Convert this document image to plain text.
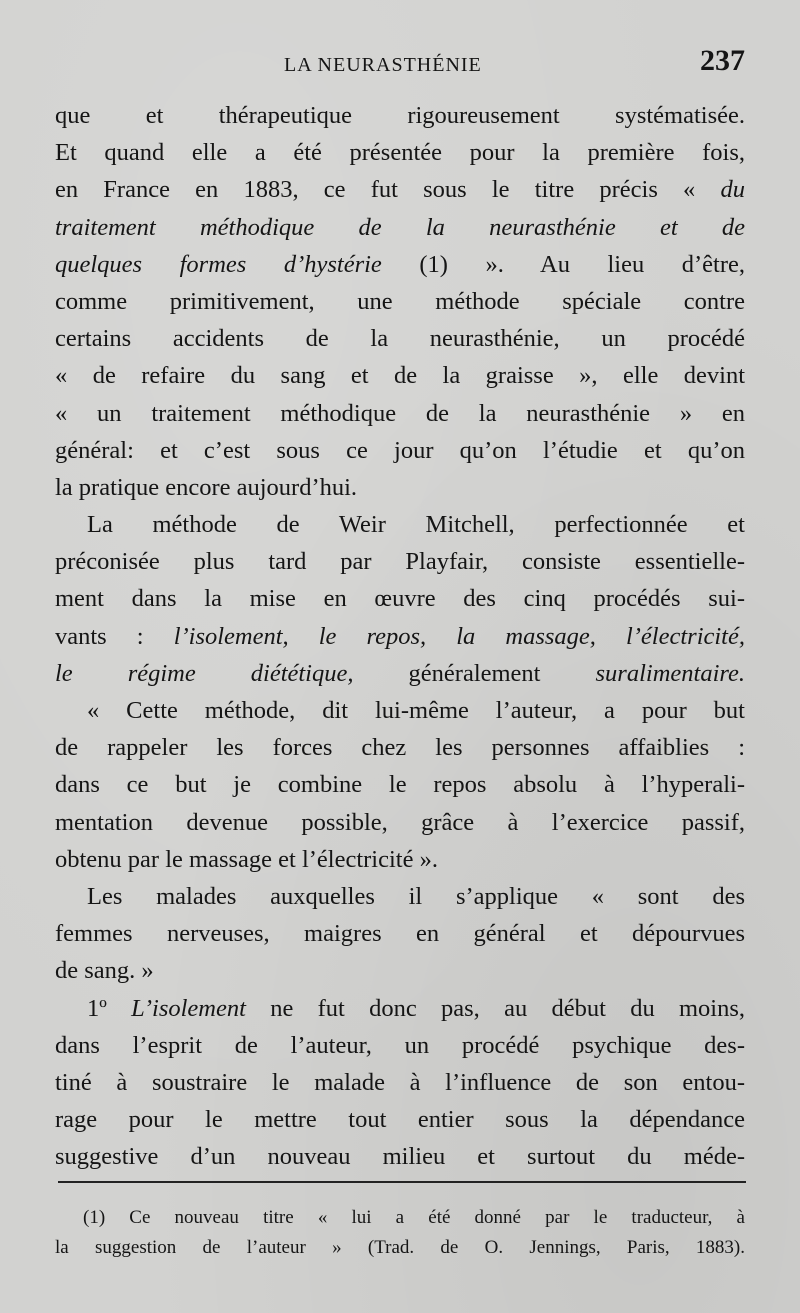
LA NEURASTHÉNIE	237
que et thérapeutique rigoureusement systématisée.
Et quand elle a été présentée pour la première fois,
en France en 1883, ce fut sous le titre précis « du
traitement méthodique de la neurasthénie et de
quelques formes d’hystérie (1) ». Au lieu d’être,
comme primitivement, une méthode spéciale contre
certains accidents de la neurasthénie, un procédé
« de refaire du sang et de la graisse », elle devint
« un traitement méthodique de la neurasthénie » en
général: et c’est sous ce jour qu’on l’étudie et qu’on
la pratique encore aujourd’hui.
La méthode de Weir Mitchell, perfectionnée et
préconisée plus tard par Playfair, consiste essentielle-
ment dans la mise en œuvre des cinq procédés sui-
vants : l’isolement, le repos, la massage, l’électricité,
le régime diététique, généralement suralimentaire.
« Cette méthode, dit lui-même l’auteur, a pour but
de rappeler les forces chez les personnes affaiblies :
dans ce but je combine le repos absolu à l’hyperali-
mentation devenue possible, grâce à l’exercice passif,
obtenu par le massage et l’électricité ».
Les malades auxquelles il s’applique « sont des
femmes nerveuses, maigres en général et dépourvues
de sang. »
1º L’isolement ne fut donc pas, au début du moins,
dans l’esprit de l’auteur, un procédé psychique des-
tiné à soustraire le malade à l’influence de son entou-
rage pour le mettre tout entier sous la dépendance
suggestive d’un nouveau milieu et surtout du méde-
(1) Ce nouveau titre « lui a été donné par le traducteur, à
la suggestion de l’auteur » (Trad. de O. Jennings, Paris, 1883).
